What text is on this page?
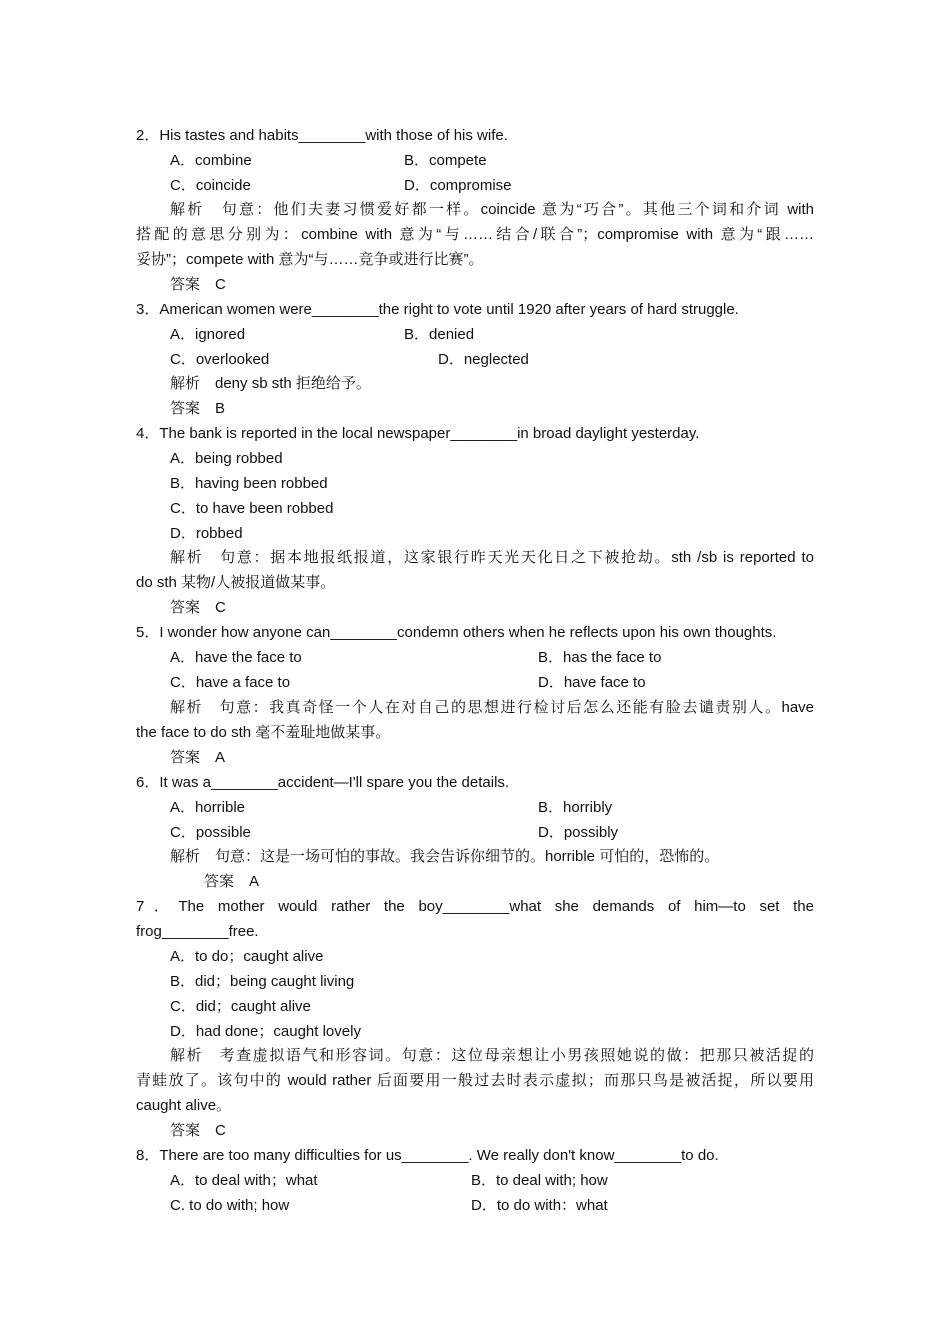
2．His tastes and habits________with those of his wife.
A．combine	B．compete
C．coincide	D．compromise
解析　句意：他们夫妻习惯爱好都一样。coincide 意为“巧合”。其他三个词和介词 with
搭配的意思分别为：combine with 意为“与……结合/联合”；compromise with 意为“跟……
妥协”；compete with 意为“与……竞争或进行比赛”。
答案　C
3．American women were________the right to vote until 1920 after years of hard struggle.
A．ignored	B．denied
C．overlooked	D．neglected
解析　deny sb sth 拒绝给予。
答案　B
4．The bank is reported in the local newspaper________in broad daylight yesterday.
A．being robbed
B．having been robbed
C．to have been robbed
D．robbed
解析　句意：据本地报纸报道，这家银行昨天光天化日之下被抢劫。sth /sb is reported to
do sth 某物/人被报道做某事。
答案　C
5．I wonder how anyone can________condemn others when he reflects upon his own thoughts.
A．have the face to	B．has the face to
C．have a face to	D．have face to
解析　句意：我真奇怪一个人在对自己的思想进行检讨后怎么还能有脸去谴责别人。have
the face to do sth 毫不羞耻地做某事。
答案　A
6．It was a________accident—I'll spare you the details.
A．horrible	B．horribly
C．possible	D．possibly
解析　句意：这是一场可怕的事故。我会告诉你细节的。horrible 可怕的，恐怖的。
答案　A
7．The mother would rather the boy________what she demands of him—to set the
frog________free.
A．to do；caught alive
B．did；being caught living
C．did；caught alive
D．had done；caught lovely
解析　考查虚拟语气和形容词。句意：这位母亲想让小男孩照她说的做：把那只被活捉的
青蛙放了。该句中的 would rather 后面要用一般过去时表示虚拟；而那只鸟是被活捉，所以要用
caught alive。
答案　C
8．There are too many difficulties for us________. We really don't know________to do.
A．to deal with；what	B．to deal with; how
C. to do with; how	D．to do with：what
